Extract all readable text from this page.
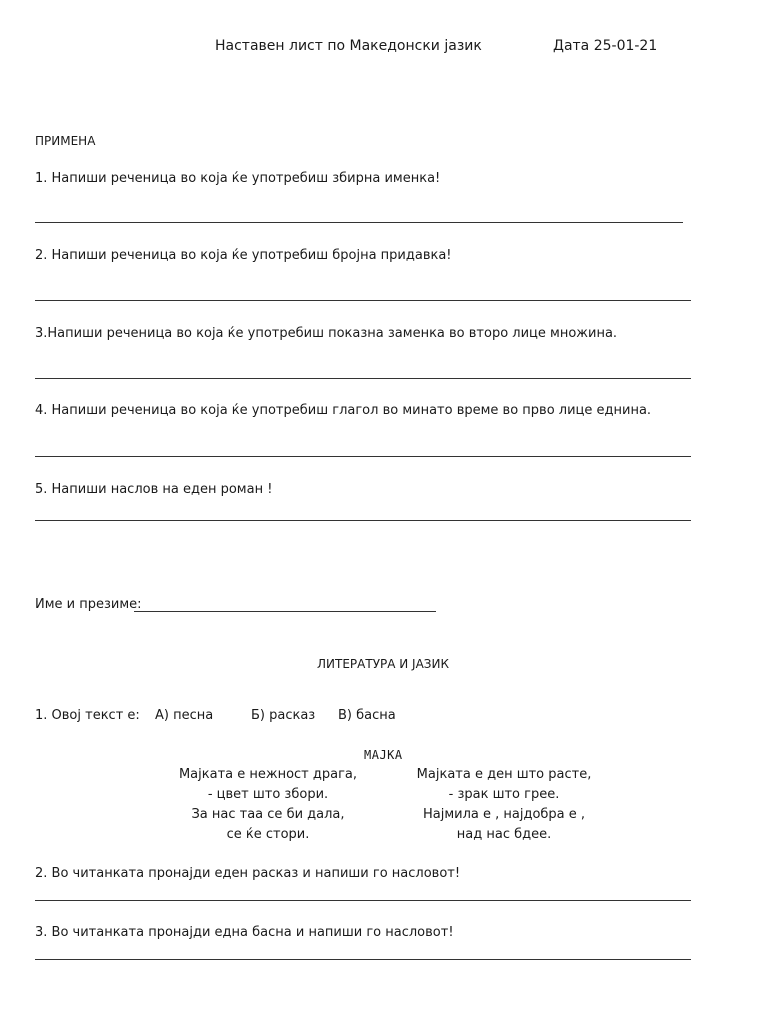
Наставен лист по Македонски јазик	Дата 25-01-21
ПРИМЕНА
1. Напиши реченица во која ќе употребиш збирна именка!
2. Напиши реченица во која ќе употребиш бројна придавка!
3.Напиши реченица во која ќе употребиш показна заменка во второ лице множина.
4. Напиши реченица во која ќе употребиш глагол во минато време во прво лице еднина.
5. Напиши наслов на еден роман !
Име и презиме:
ЛИТЕРАТУРА И ЈАЗИК
1. Овој текст е: А) песна	Б) расказ В) басна
МАЈКА
Мајката е нежност драга,
- цвет што збори.
За нас таа се би дала,
се ќе стори.
Мајката е ден што расте,
- зрак што грее.
Најмила е , најдобра е ,
над нас бдее.
2. Во читанката пронајди еден расказ и напиши го насловот!
3. Во читанката пронајди една басна и напиши го насловот!
